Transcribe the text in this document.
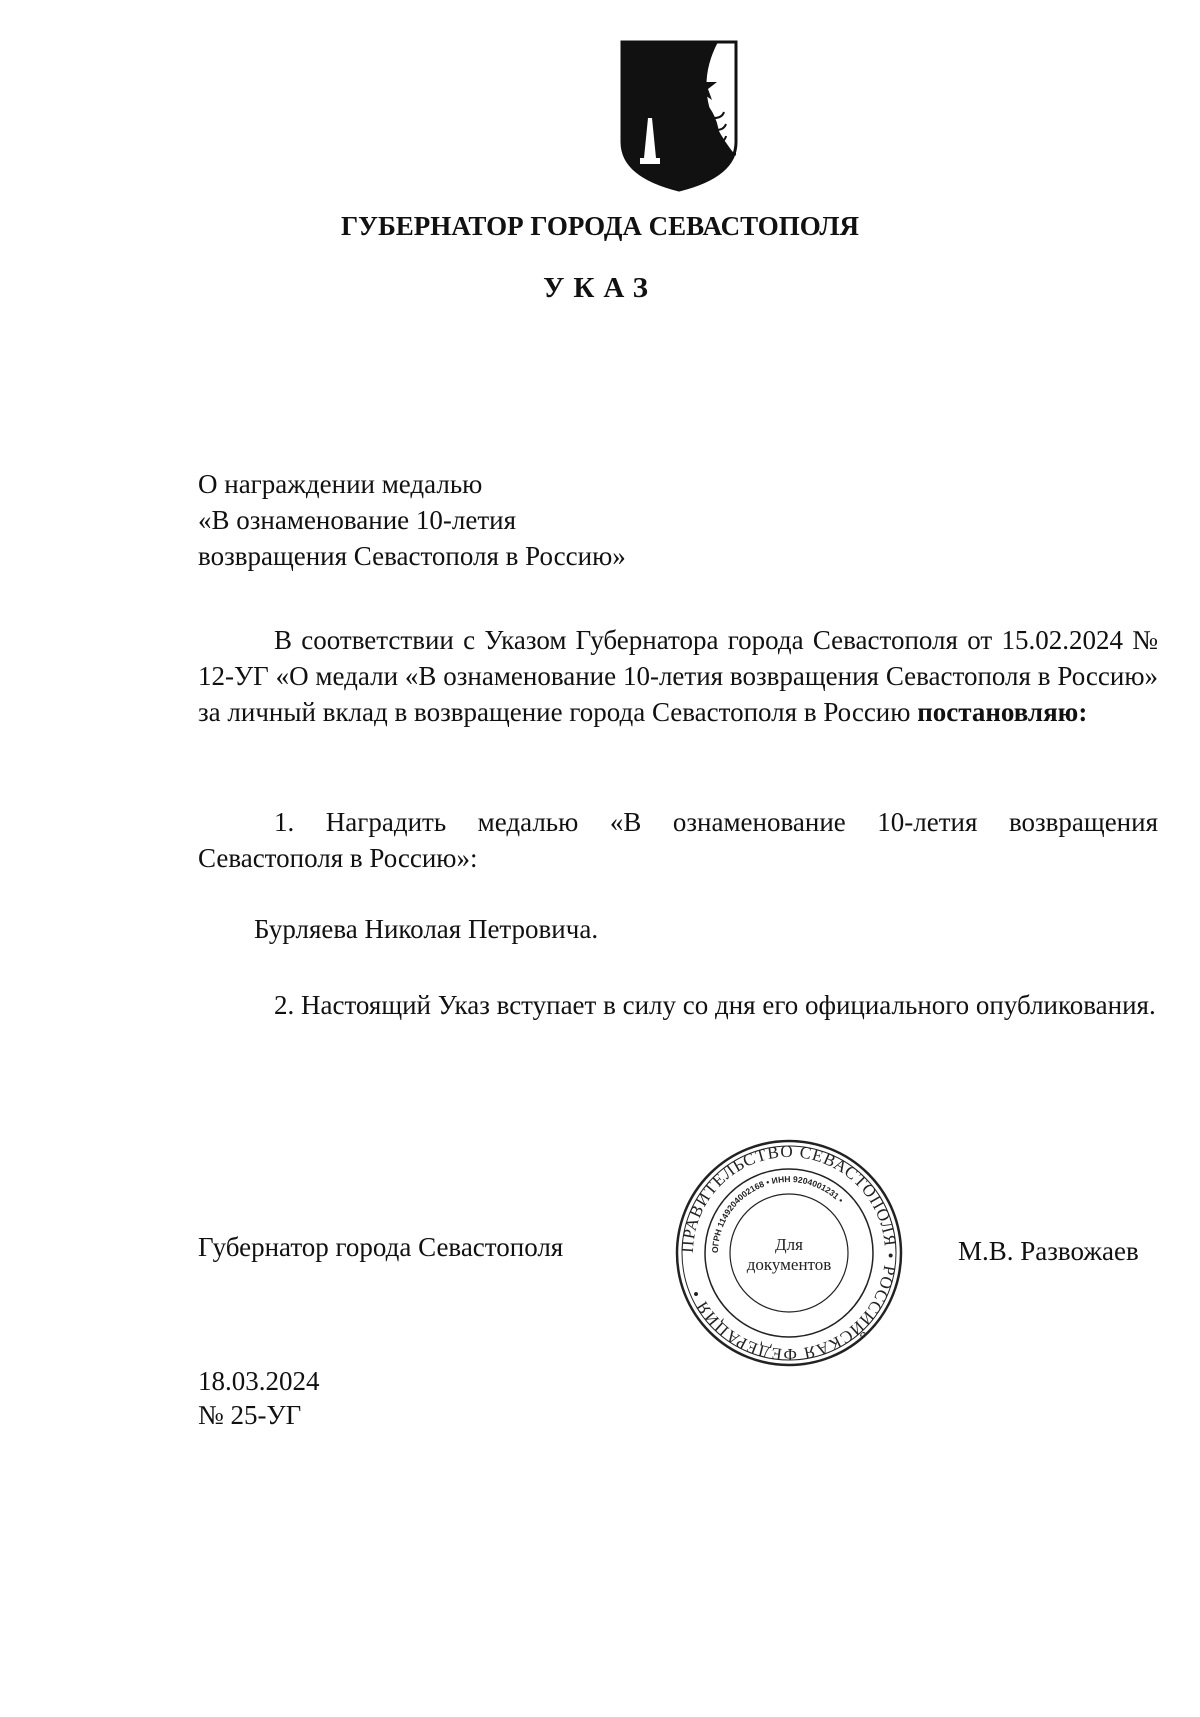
ГУБЕРНАТОР ГОРОДА СЕВАСТОПОЛЯ
УКАЗ
О награждении медалью
«В ознаменование 10-летия
возвращения Севастополя в Россию»

В соответствии с Указом Губернатора города Севастополя от 15.02.2024 № 12-УГ «О медали «В ознаменование 10-летия возвращения Севастополя в Россию» за личный вклад в возвращение города Севастополя в Россию постановляю:

1. Наградить медалью «В ознаменование 10-летия возвращения Севастополя в Россию»:

Бурляева Николая Петровича.

2. Настоящий Указ вступает в силу со дня его официального опубликования.

Губернатор города Севастополя	ПРАВИТЕЛЬСТВО СЕВАСТОПОЛЯ • РОССИЙСКАЯ ФЕДЕРАЦИЯ •
ОГРН 1149204002168 • ИНН 9204001231 •
Для
документов	М.В. Развожаев
18.03.2024
№ 25-УГ
